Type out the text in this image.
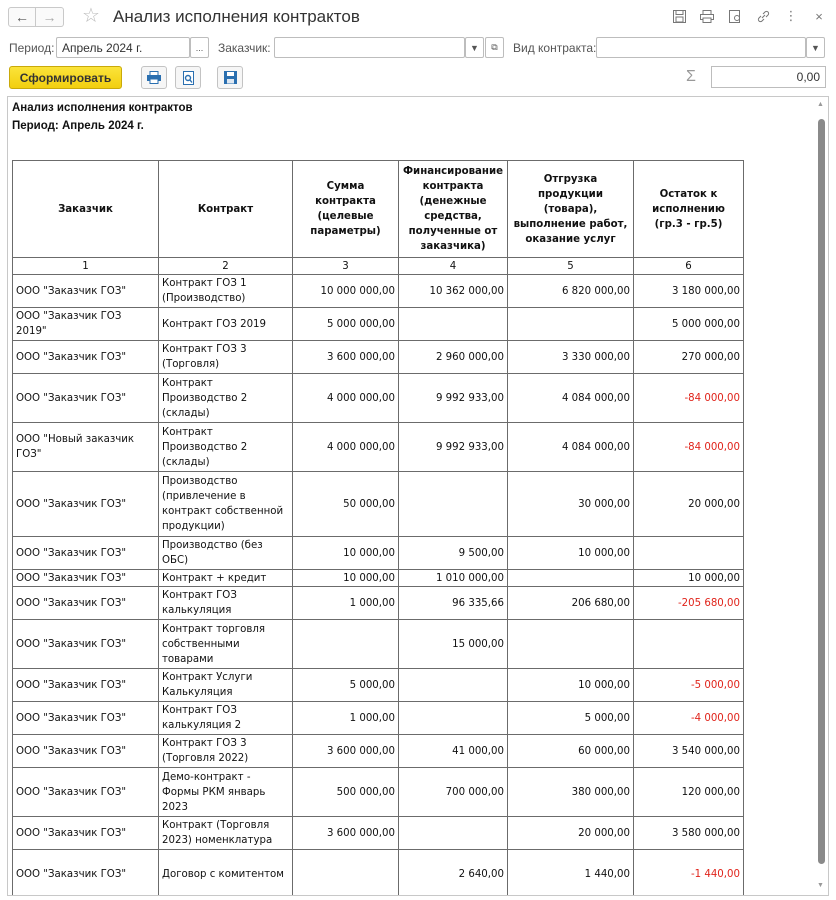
← → ☆ Анализ исполнения контрактов	⋮ ×
Период: Апрель 2024 г.	...	Заказчик:	▼ ⧉ Вид контракта:	▼
Сформировать	Σ	0,00
Анализ исполнения контрактов
Период: Апрель 2024 г.
Заказчик	Контракт	Сумма контракта (целевые параметры)	Финансирование контракта (денежные средства, полученные от заказчика)	Отгрузка продукции (товара), выполнение работ, оказание услуг	Остаток к исполнению (гр.3 - гр.5)
1	2	3	4	5	6
ООО "Заказчик ГОЗ"	Контракт ГОЗ 1 (Производство)	10 000 000,00	10 362 000,00	6 820 000,00	3 180 000,00
ООО "Заказчик ГОЗ 2019"	Контракт ГОЗ 2019	5 000 000,00			5 000 000,00
ООО "Заказчик ГОЗ"	Контракт ГОЗ 3 (Торговля)	3 600 000,00	2 960 000,00	3 330 000,00	270 000,00
ООО "Заказчик ГОЗ"	Контракт Производство 2 (склады)	4 000 000,00	9 992 933,00	4 084 000,00	-84 000,00
ООО "Новый заказчик ГОЗ"	Контракт Производство 2 (склады)	4 000 000,00	9 992 933,00	4 084 000,00	-84 000,00
ООО "Заказчик ГОЗ"	Производство (привлечение в контракт собственной продукции)	50 000,00		30 000,00	20 000,00
ООО "Заказчик ГОЗ"	Производство (без ОБС)	10 000,00	9 500,00	10 000,00	
ООО "Заказчик ГОЗ"	Контракт + кредит	10 000,00	1 010 000,00		10 000,00
ООО "Заказчик ГОЗ"	Контракт ГОЗ калькуляция	1 000,00	96 335,66	206 680,00	-205 680,00
ООО "Заказчик ГОЗ"	Контракт торговля собственными товарами		15 000,00		
ООО "Заказчик ГОЗ"	Контракт Услуги Калькуляция	5 000,00		10 000,00	-5 000,00
ООО "Заказчик ГОЗ"	Контракт ГОЗ калькуляция 2	1 000,00		5 000,00	-4 000,00
ООО "Заказчик ГОЗ"	Контракт ГОЗ 3 (Торговля 2022)	3 600 000,00	41 000,00	60 000,00	3 540 000,00
ООО "Заказчик ГОЗ"	Демо-контракт - Формы РКМ январь 2023	500 000,00	700 000,00	380 000,00	120 000,00
ООО "Заказчик ГОЗ"	Контракт (Торговля 2023) номенклатура	3 600 000,00		20 000,00	3 580 000,00
ООО "Заказчик ГОЗ"	Договор с комитентом		2 640,00	1 440,00	-1 440,00
▲
▼
